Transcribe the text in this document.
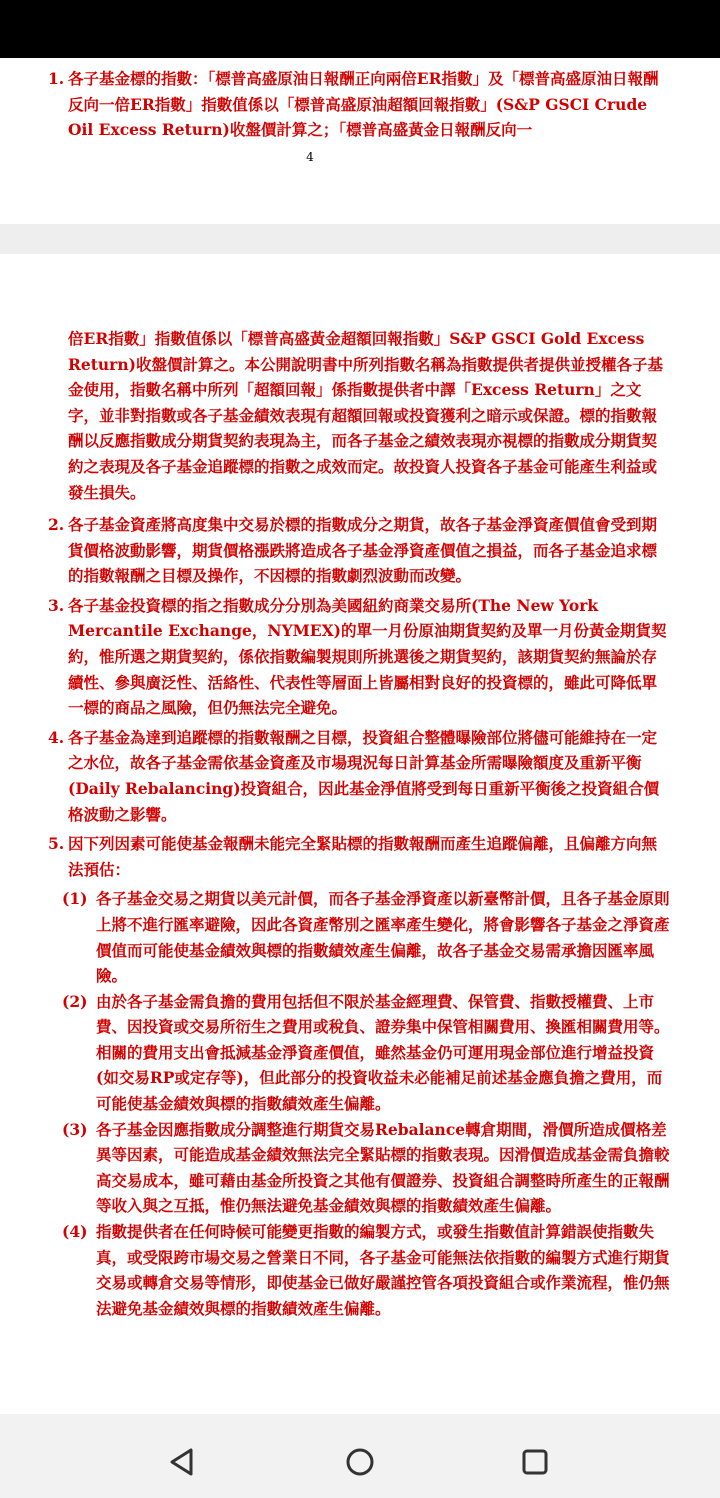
1. 各子基金標的指數：「標普高盛原油日報酬正向兩倍ER指數」及「標普高盛原油日報酬反向一倍ER指數」指數值係以「標普高盛原油超額回報指數」(S&P GSCI Crude Oil Excess Return)收盤價計算之；「標普高盛黃金日報酬反向一
4

倍ER指數」指數值係以「標普高盛黃金超額回報指數」S&P GSCI Gold Excess Return)收盤價計算之。本公開說明書中所列指數名稱為指數提供者提供並授權各子基金使用，指數名稱中所列「超額回報」係指數提供者中譯「Excess Return」之文字，並非對指數或各子基金績效表現有超額回報或投資獲利之暗示或保證。標的指數報酬以反應指數成分期貨契約表現為主，而各子基金之績效表現亦視標的指數成分期貨契約之表現及各子基金追蹤標的指數之成效而定。故投資人投資各子基金可能產生利益或發生損失。

2. 各子基金資產將高度集中交易於標的指數成分之期貨，故各子基金淨資產價值會受到期貨價格波動影響，期貨價格漲跌將造成各子基金淨資產價值之損益，而各子基金追求標的指數報酬之目標及操作，不因標的指數劇烈波動而改變。
3. 各子基金投資標的指之指數成分分別為美國紐約商業交易所(The New York Mercantile Exchange，NYMEX)的單一月份原油期貨契約及單一月份黃金期貨契約，惟所選之期貨契約，係依指數編製規則所挑選後之期貨契約，該期貨契約無論於存續性、參與廣泛性、活絡性、代表性等層面上皆屬相對良好的投資標的，雖此可降低單一標的商品之風險，但仍無法完全避免。
4. 各子基金為達到追蹤標的指數報酬之目標，投資組合整體曝險部位將儘可能維持在一定之水位，故各子基金需依基金資產及市場現況每日計算基金所需曝險額度及重新平衡(Daily Rebalancing)投資組合，因此基金淨值將受到每日重新平衡後之投資組合價格波動之影響。
5. 因下列因素可能使基金報酬未能完全緊貼標的指數報酬而產生追蹤偏離，且偏離方向無法預估：
(1) 各子基金交易之期貨以美元計價，而各子基金淨資產以新臺幣計價，且各子基金原則上將不進行匯率避險，因此各資產幣別之匯率產生變化，將會影響各子基金之淨資產價值而可能使基金績效與標的指數績效產生偏離，故各子基金交易需承擔因匯率風險。
(2) 由於各子基金需負擔的費用包括但不限於基金經理費、保管費、指數授權費、上市費、因投資或交易所衍生之費用或稅負、證券集中保管相關費用、換匯相關費用等。相關的費用支出會抵減基金淨資產價值，雖然基金仍可運用現金部位進行增益投資(如交易RP或定存等)，但此部分的投資收益未必能補足前述基金應負擔之費用，而可能使基金績效與標的指數績效產生偏離。
(3) 各子基金因應指數成分調整進行期貨交易Rebalance轉倉期間，滑價所造成價格差異等因素，可能造成基金績效無法完全緊貼標的指數表現。因滑價造成基金需負擔較高交易成本，雖可藉由基金所投資之其他有價證券、投資組合調整時所產生的正報酬等收入與之互抵，惟仍無法避免基金績效與標的指數績效產生偏離。
(4) 指數提供者在任何時候可能變更指數的編製方式，或發生指數值計算錯誤使指數失真，或受限跨市場交易之營業日不同，各子基金可能無法依指數的編製方式進行期貨交易或轉倉交易等情形，即使基金已做好嚴謹控管各項投資組合或作業流程，惟仍無法避免基金績效與標的指數績效產生偏離。
